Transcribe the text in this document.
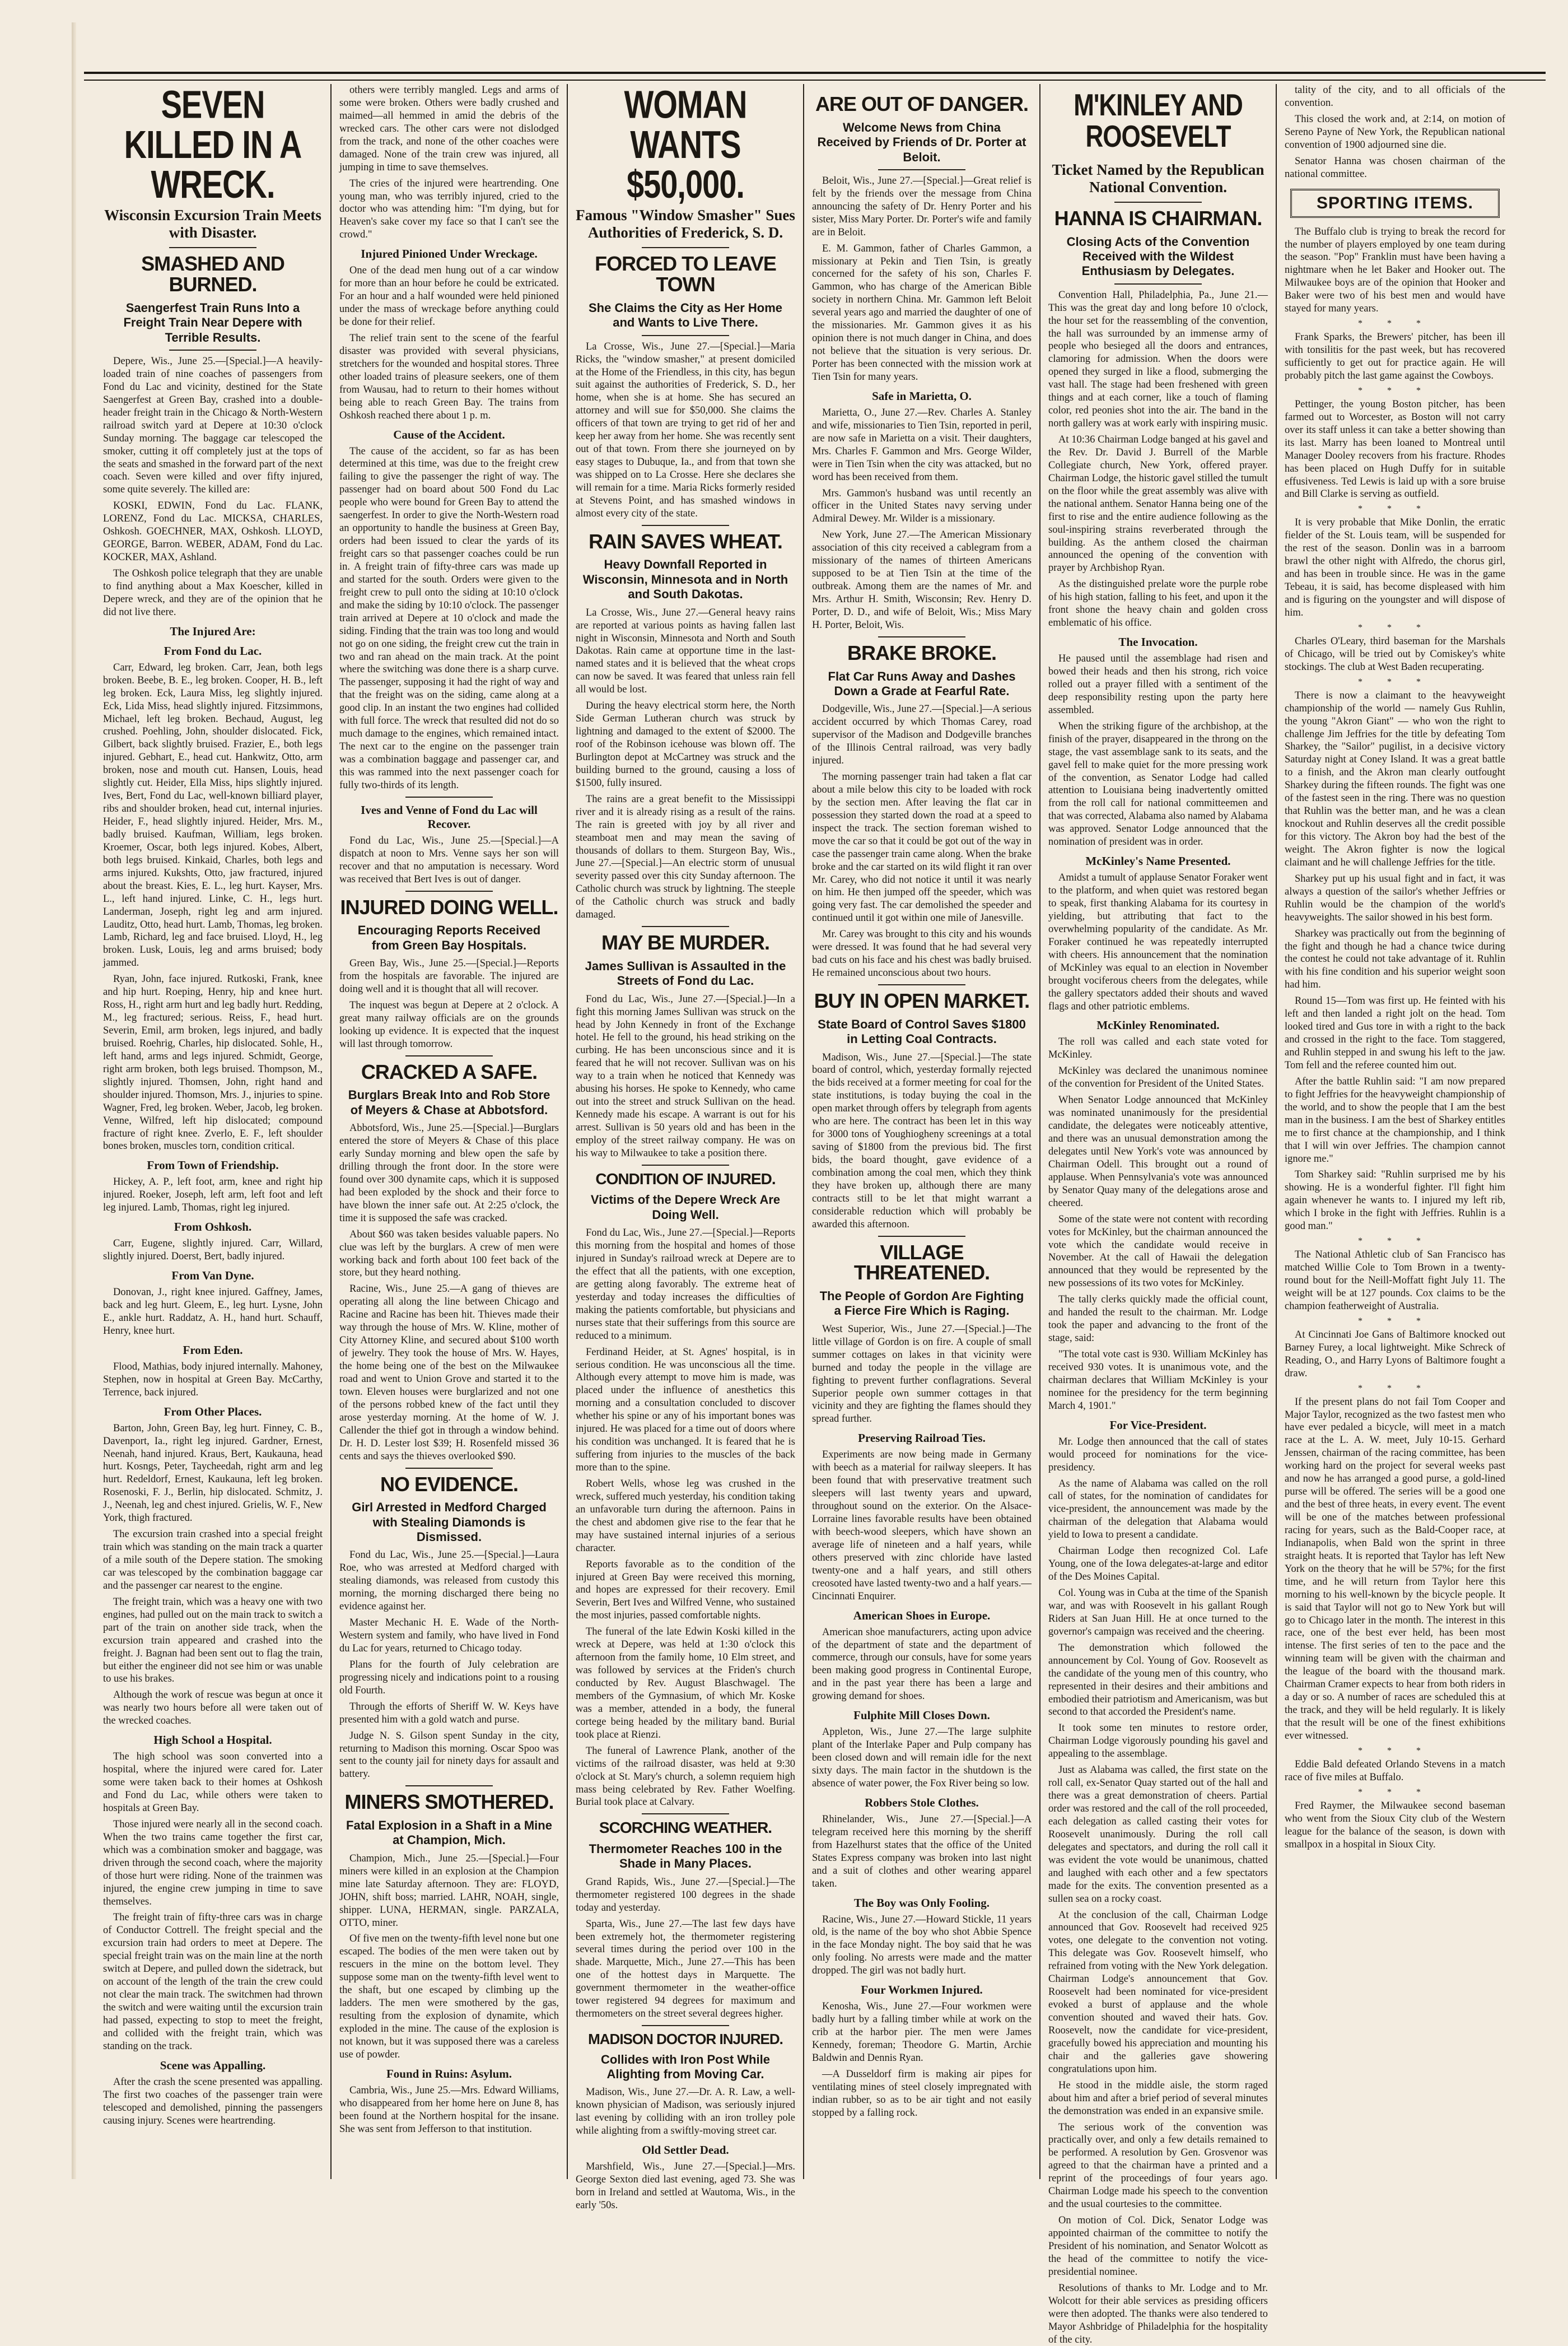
SEVEN KILLED IN A WRECK.
Wisconsin Excursion Train Meets with Disaster.
SMASHED AND BURNED.
Saengerfest Train Runs Into a Freight Train Near Depere with Terrible Results.

Depere, Wis., June 25.—[Special.]—A heavily-loaded train of nine coaches of passengers from Fond du Lac and vicinity, destined for the State Saengerfest at Green Bay, crashed into a double-header freight train in the Chicago & North-Western railroad switch yard at Depere at 10:30 o'clock Sunday morning. The baggage car telescoped the smoker, cutting it off completely just at the tops of the seats and smashed in the forward part of the next coach. Seven were killed and over fifty injured, some quite severely. The killed are:

KOSKI, EDWIN, Fond du Lac. FLANK, LORENZ, Fond du Lac. MICKSA, CHARLES, Oshkosh. GOECHNER, MAX, Oshkosh. LLOYD, GEORGE, Barron. WEBER, ADAM, Fond du Lac. KOCKER, MAX, Ashland.

The Oshkosh police telegraph that they are unable to find anything about a Max Koescher, killed in Depere wreck, and they are of the opinion that he did not live there.

The Injured Are:
From Fond du Lac.

Carr, Edward, leg broken. Carr, Jean, both legs broken. Beebe, B. E., leg broken. Cooper, H. B., left leg broken. Eck, Laura Miss, leg slightly injured. Eck, Lida Miss, head slightly injured. Fitzsimmons, Michael, left leg broken. Bechaud, August, leg crushed. Poehling, John, shoulder dislocated. Fick, Gilbert, back slightly bruised. Frazier, E., both legs injured. Gebhart, E., head cut. Hankwitz, Otto, arm broken, nose and mouth cut. Hansen, Louis, head slightly cut. Heider, Ella Miss, hips slightly injured. Ives, Bert, Fond du Lac, well-known billiard player, ribs and shoulder broken, head cut, internal injuries. Heider, F., head slightly injured. Heider, Mrs. M., badly bruised. Kaufman, William, legs broken. Kroemer, Oscar, both legs injured. Kobes, Albert, both legs bruised. Kinkaid, Charles, both legs and arms injured. Kukshts, Otto, jaw fractured, injured about the breast. Kies, E. L., leg hurt. Kayser, Mrs. L., left hand injured. Linke, C. H., legs hurt. Landerman, Joseph, right leg and arm injured. Lauditz, Otto, head hurt. Lamb, Thomas, leg broken. Lamb, Richard, leg and face bruised. Lloyd, H., leg broken. Lusk, Louis, leg and arms bruised; body jammed.

Ryan, John, face injured. Rutkoski, Frank, knee and hip hurt. Roeping, Henry, hip and knee hurt. Ross, H., right arm hurt and leg badly hurt. Redding, M., leg fractured; serious. Reiss, F., head hurt. Severin, Emil, arm broken, legs injured, and badly bruised. Roehrig, Charles, hip dislocated. Sohle, H., left hand, arms and legs injured. Schmidt, George, right arm broken, both legs bruised. Thompson, M., slightly injured. Thomsen, John, right hand and shoulder injured. Thomson, Mrs. J., injuries to spine. Wagner, Fred, leg broken. Weber, Jacob, leg broken. Venne, Wilfred, left hip dislocated; compound fracture of right knee. Zverlo, E. F., left shoulder bones broken, muscles torn, condition critical.

From Town of Friendship.

Hickey, A. P., left foot, arm, knee and right hip injured. Roeker, Joseph, left arm, left foot and left leg injured. Lamb, Thomas, right leg injured.

From Oshkosh.

Carr, Eugene, slightly injured. Carr, Willard, slightly injured. Doerst, Bert, badly injured.

From Van Dyne.

Donovan, J., right knee injured. Gaffney, James, back and leg hurt. Gleem, E., leg hurt. Lysne, John E., ankle hurt. Raddatz, A. H., hand hurt. Schauff, Henry, knee hurt.

From Eden.

Flood, Mathias, body injured internally. Mahoney, Stephen, now in hospital at Green Bay. McCarthy, Terrence, back injured.

From Other Places.

Barton, John, Green Bay, leg hurt. Finney, C. B., Davenport, Ia., right leg injured. Gardner, Ernest, Neenah, hand injured. Kraus, Bert, Kaukauna, head hurt. Kosngs, Peter, Taycheedah, right arm and leg hurt. Redeldorf, Ernest, Kaukauna, left leg broken. Rosenoski, F. J., Berlin, hip dislocated. Schmitz, J. J., Neenah, leg and chest injured. Grielis, W. F., New York, thigh fractured.

The excursion train crashed into a special freight train which was standing on the main track a quarter of a mile south of the Depere station. The smoking car was telescoped by the combination baggage car and the passenger car nearest to the engine.

The freight train, which was a heavy one with two engines, had pulled out on the main track to switch a part of the train on another side track, when the excursion train appeared and crashed into the freight. J. Bagnan had been sent out to flag the train, but either the engineer did not see him or was unable to use his brakes.

Although the work of rescue was begun at once it was nearly two hours before all were taken out of the wrecked coaches.

High School a Hospital.

The high school was soon converted into a hospital, where the injured were cared for. Later some were taken back to their homes at Oshkosh and Fond du Lac, while others were taken to hospitals at Green Bay.

Those injured were nearly all in the second coach. When the two trains came together the first car, which was a combination smoker and baggage, was driven through the second coach, where the majority of those hurt were riding. None of the trainmen was injured, the engine crew jumping in time to save themselves.

The freight train of fifty-three cars was in charge of Conductor Cottrell. The freight special and the excursion train had orders to meet at Depere. The special freight train was on the main line at the north switch at Depere, and pulled down the sidetrack, but on account of the length of the train the crew could not clear the main track. The switchmen had thrown the switch and were waiting until the excursion train had passed, expecting to stop to meet the freight, and collided with the freight train, which was standing on the track.

Scene was Appalling.

After the crash the scene presented was appalling. The first two coaches of the passenger train were telescoped and demolished, pinning the passengers causing injury. Scenes were heartrending.

others were terribly mangled. Legs and arms of some were broken. Others were badly crushed and maimed—all hemmed in amid the debris of the wrecked cars. The other cars were not dislodged from the track, and none of the other coaches were damaged. None of the train crew was injured, all jumping in time to save themselves.

The cries of the injured were heartrending. One young man, who was terribly injured, cried to the doctor who was attending him: "I'm dying, but for Heaven's sake cover my face so that I can't see the crowd."

Injured Pinioned Under Wreckage.

One of the dead men hung out of a car window for more than an hour before he could be extricated. For an hour and a half wounded were held pinioned under the mass of wreckage before anything could be done for their relief.

The relief train sent to the scene of the fearful disaster was provided with several physicians, stretchers for the wounded and hospital stores. Three other loaded trains of pleasure seekers, one of them from Wausau, had to return to their homes without being able to reach Green Bay. The trains from Oshkosh reached there about 1 p. m.

Cause of the Accident.

The cause of the accident, so far as has been determined at this time, was due to the freight crew failing to give the passenger the right of way. The passenger had on board about 500 Fond du Lac people who were bound for Green Bay to attend the saengerfest. In order to give the North-Western road an opportunity to handle the business at Green Bay, orders had been issued to clear the yards of its freight cars so that passenger coaches could be run in. A freight train of fifty-three cars was made up and started for the south. Orders were given to the freight crew to pull onto the siding at 10:10 o'clock and make the siding by 10:10 o'clock. The passenger train arrived at Depere at 10 o'clock and made the siding. Finding that the train was too long and would not go on one siding, the freight crew cut the train in two and ran ahead on the main track. At the point where the switching was done there is a sharp curve. The passenger, supposing it had the right of way and that the freight was on the siding, came along at a good clip. In an instant the two engines had collided with full force. The wreck that resulted did not do so much damage to the engines, which remained intact. The next car to the engine on the passenger train was a combination baggage and passenger car, and this was rammed into the next passenger coach for fully two-thirds of its length.

Ives and Venne of Fond du Lac will Recover.

Fond du Lac, Wis., June 25.—[Special.]—A dispatch at noon to Mrs. Venne says her son will recover and that no amputation is necessary. Word was received that Bert Ives is out of danger.

INJURED DOING WELL.
Encouraging Reports Received from Green Bay Hospitals.

Green Bay, Wis., June 25.—[Special.]—Reports from the hospitals are favorable. The injured are doing well and it is thought that all will recover.

The inquest was begun at Depere at 2 o'clock. A great many railway officials are on the grounds looking up evidence. It is expected that the inquest will last through tomorrow.

CRACKED A SAFE.
Burglars Break Into and Rob Store of Meyers & Chase at Abbotsford.

Abbotsford, Wis., June 25.—[Special.]—Burglars entered the store of Meyers & Chase of this place early Sunday morning and blew open the safe by drilling through the front door. In the store were found over 300 dynamite caps, which it is supposed had been exploded by the shock and their force to have blown the inner safe out. At 2:25 o'clock, the time it is supposed the safe was cracked.

About $60 was taken besides valuable papers. No clue was left by the burglars. A crew of men were working back and forth about 100 feet back of the store, but they heard nothing.

Racine, Wis., June 25.—A gang of thieves are operating all along the line between Chicago and Racine and Racine has been hit. Thieves made their way through the house of Mrs. W. Kline, mother of City Attorney Kline, and secured about $100 worth of jewelry. They took the house of Mrs. W. Hayes, the home being one of the best on the Milwaukee road and went to Union Grove and started it to the town. Eleven houses were burglarized and not one of the persons robbed knew of the fact until they arose yesterday morning. At the home of W. J. Callender the thief got in through a window behind. Dr. H. D. Lester lost $39; H. Rosenfeld missed 36 cents and says the thieves overlooked $90.

NO EVIDENCE.
Girl Arrested in Medford Charged with Stealing Diamonds is Dismissed.

Fond du Lac, Wis., June 25.—[Special.]—Laura Roe, who was arrested at Medford charged with stealing diamonds, was released from custody this morning, the morning discharged there being no evidence against her.

Master Mechanic H. E. Wade of the North-Western system and family, who have lived in Fond du Lac for years, returned to Chicago today.

Plans for the fourth of July celebration are progressing nicely and indications point to a rousing old Fourth.

Through the efforts of Sheriff W. W. Keys have presented him with a gold watch and purse.

Judge N. S. Gilson spent Sunday in the city, returning to Madison this morning. Oscar Spoo was sent to the county jail for ninety days for assault and battery.

MINERS SMOTHERED.
Fatal Explosion in a Shaft in a Mine at Champion, Mich.

Champion, Mich., June 25.—[Special.]—Four miners were killed in an explosion at the Champion mine late Saturday afternoon. They are: FLOYD, JOHN, shift boss; married. LAHR, NOAH, single, shipper. LUNA, HERMAN, single. PARZALA, OTTO, miner.

Of five men on the twenty-fifth level none but one escaped. The bodies of the men were taken out by rescuers in the mine on the bottom level. They suppose some man on the twenty-fifth level went to the shaft, but one escaped by climbing up the ladders. The men were smothered by the gas, resulting from the explosion of dynamite, which exploded in the mine. The cause of the explosion is not known, but it was supposed there was a careless use of powder.

Found in Ruins: Asylum.

Cambria, Wis., June 25.—Mrs. Edward Williams, who disappeared from her home here on June 8, has been found at the Northern hospital for the insane. She was sent from Jefferson to that institution.

WOMAN WANTS $50,000.
Famous "Window Smasher" Sues Authorities of Frederick, S. D.
FORCED TO LEAVE TOWN
She Claims the City as Her Home and Wants to Live There.

La Crosse, Wis., June 27.—[Special.]—Maria Ricks, the "window smasher," at present domiciled at the Home of the Friendless, in this city, has begun suit against the authorities of Frederick, S. D., her home, when she is at home. She has secured an attorney and will sue for $50,000. She claims the officers of that town are trying to get rid of her and keep her away from her home. She was recently sent out of that town. From there she journeyed on by easy stages to Dubuque, Ia., and from that town she was shipped on to La Crosse. Here she declares she will remain for a time. Maria Ricks formerly resided at Stevens Point, and has smashed windows in almost every city of the state.

RAIN SAVES WHEAT.
Heavy Downfall Reported in Wisconsin, Minnesota and in North and South Dakotas.

La Crosse, Wis., June 27.—General heavy rains are reported at various points as having fallen last night in Wisconsin, Minnesota and North and South Dakotas. Rain came at opportune time in the last-named states and it is believed that the wheat crops can now be saved. It was feared that unless rain fell all would be lost.

During the heavy electrical storm here, the North Side German Lutheran church was struck by lightning and damaged to the extent of $2000. The roof of the Robinson icehouse was blown off. The Burlington depot at McCartney was struck and the building burned to the ground, causing a loss of $1500, fully insured.

The rains are a great benefit to the Mississippi river and it is already rising as a result of the rains. The rain is greeted with joy by all river and steamboat men and may mean the saving of thousands of dollars to them. Sturgeon Bay, Wis., June 27.—[Special.]—An electric storm of unusual severity passed over this city Sunday afternoon. The Catholic church was struck by lightning. The steeple of the Catholic church was struck and badly damaged.

MAY BE MURDER.
James Sullivan is Assaulted in the Streets of Fond du Lac.

Fond du Lac, Wis., June 27.—[Special.]—In a fight this morning James Sullivan was struck on the head by John Kennedy in front of the Exchange hotel. He fell to the ground, his head striking on the curbing. He has been unconscious since and it is feared that he will not recover. Sullivan was on his way to a train when he noticed that Kennedy was abusing his horses. He spoke to Kennedy, who came out into the street and struck Sullivan on the head. Kennedy made his escape. A warrant is out for his arrest. Sullivan is 50 years old and has been in the employ of the street railway company. He was on his way to Milwaukee to take a position there.

CONDITION OF INJURED.
Victims of the Depere Wreck Are Doing Well.

Fond du Lac, Wis., June 27.—[Special.]—Reports this morning from the hospital and homes of those injured in Sunday's railroad wreck at Depere are to the effect that all the patients, with one exception, are getting along favorably. The extreme heat of yesterday and today increases the difficulties of making the patients comfortable, but physicians and nurses state that their sufferings from this source are reduced to a minimum.

Ferdinand Heider, at St. Agnes' hospital, is in serious condition. He was unconscious all the time. Although every attempt to move him is made, was placed under the influence of anesthetics this morning and a consultation concluded to discover whether his spine or any of his important bones was injured. He was placed for a time out of doors where his condition was unchanged. It is feared that he is suffering from injuries to the muscles of the back more than to the spine.

Robert Wells, whose leg was crushed in the wreck, suffered much yesterday, his condition taking an unfavorable turn during the afternoon. Pains in the chest and abdomen give rise to the fear that he may have sustained internal injuries of a serious character.

Reports favorable as to the condition of the injured at Green Bay were received this morning, and hopes are expressed for their recovery. Emil Severin, Bert Ives and Wilfred Venne, who sustained the most injuries, passed comfortable nights.

The funeral of the late Edwin Koski killed in the wreck at Depere, was held at 1:30 o'clock this afternoon from the family home, 10 Elm street, and was followed by services at the Friden's church conducted by Rev. August Blaschwagel. The members of the Gymnasium, of which Mr. Koske was a member, attended in a body, the funeral cortege being headed by the military band. Burial took place at Rienzi.

The funeral of Lawrence Plank, another of the victims of the railroad disaster, was held at 9:30 o'clock at St. Mary's church, a solemn requiem high mass being celebrated by Rev. Father Woelfing. Burial took place at Calvary.

SCORCHING WEATHER.
Thermometer Reaches 100 in the Shade in Many Places.

Grand Rapids, Wis., June 27.—[Special.]—The thermometer registered 100 degrees in the shade today and yesterday.

Sparta, Wis., June 27.—The last few days have been extremely hot, the thermometer registering several times during the period over 100 in the shade. Marquette, Mich., June 27.—This has been one of the hottest days in Marquette. The government thermometer in the weather-office tower registered 94 degrees for maximum and thermometers on the street several degrees higher.

MADISON DOCTOR INJURED.
Collides with Iron Post While Alighting from Moving Car.

Madison, Wis., June 27.—Dr. A. R. Law, a well-known physician of Madison, was seriously injured last evening by colliding with an iron trolley pole while alighting from a swiftly-moving street car.

Old Settler Dead.

Marshfield, Wis., June 27.—[Special.]—Mrs. George Sexton died last evening, aged 73. She was born in Ireland and settled at Wautoma, Wis., in the early '50s.

ARE OUT OF DANGER.
Welcome News from China Received by Friends of Dr. Porter at Beloit.

Beloit, Wis., June 27.—[Special.]—Great relief is felt by the friends over the message from China announcing the safety of Dr. Henry Porter and his sister, Miss Mary Porter. Dr. Porter's wife and family are in Beloit.

E. M. Gammon, father of Charles Gammon, a missionary at Pekin and Tien Tsin, is greatly concerned for the safety of his son, Charles F. Gammon, who has charge of the American Bible society in northern China. Mr. Gammon left Beloit several years ago and married the daughter of one of the missionaries. Mr. Gammon gives it as his opinion there is not much danger in China, and does not believe that the situation is very serious. Dr. Porter has been connected with the mission work at Tien Tsin for many years.

Safe in Marietta, O.

Marietta, O., June 27.—Rev. Charles A. Stanley and wife, missionaries to Tien Tsin, reported in peril, are now safe in Marietta on a visit. Their daughters, Mrs. Charles F. Gammon and Mrs. George Wilder, were in Tien Tsin when the city was attacked, but no word has been received from them.

Mrs. Gammon's husband was until recently an officer in the United States navy serving under Admiral Dewey. Mr. Wilder is a missionary.

New York, June 27.—The American Missionary association of this city received a cablegram from a missionary of the names of thirteen Americans supposed to be at Tien Tsin at the time of the outbreak. Among them are the names of Mr. and Mrs. Arthur H. Smith, Wisconsin; Rev. Henry D. Porter, D. D., and wife of Beloit, Wis.; Miss Mary H. Porter, Beloit, Wis.

BRAKE BROKE.
Flat Car Runs Away and Dashes Down a Grade at Fearful Rate.

Dodgeville, Wis., June 27.—[Special.]—A serious accident occurred by which Thomas Carey, road supervisor of the Madison and Dodgeville branches of the Illinois Central railroad, was very badly injured.

The morning passenger train had taken a flat car about a mile below this city to be loaded with rock by the section men. After leaving the flat car in possession they started down the road at a speed to inspect the track. The section foreman wished to move the car so that it could be got out of the way in case the passenger train came along. When the brake broke and the car started on its wild flight it ran over Mr. Carey, who did not notice it until it was nearly on him. He then jumped off the speeder, which was going very fast. The car demolished the speeder and continued until it got within one mile of Janesville.

Mr. Carey was brought to this city and his wounds were dressed. It was found that he had several very bad cuts on his face and his chest was badly bruised. He remained unconscious about two hours.

BUY IN OPEN MARKET.
State Board of Control Saves $1800 in Letting Coal Contracts.

Madison, Wis., June 27.—[Special.]—The state board of control, which, yesterday formally rejected the bids received at a former meeting for coal for the state institutions, is today buying the coal in the open market through offers by telegraph from agents who are here. The contract has been let in this way for 3000 tons of Youghiogheny screenings at a total saving of $1800 from the previous bid. The first bids, the board thought, gave evidence of a combination among the coal men, which they think they have broken up, although there are many contracts still to be let that might warrant a considerable reduction which will probably be awarded this afternoon.

VILLAGE THREATENED.
The People of Gordon Are Fighting a Fierce Fire Which is Raging.

West Superior, Wis., June 27.—[Special.]—The little village of Gordon is on fire. A couple of small summer cottages on lakes in that vicinity were burned and today the people in the village are fighting to prevent further conflagrations. Several Superior people own summer cottages in that vicinity and they are fighting the flames should they spread further.

Preserving Railroad Ties.

Experiments are now being made in Germany with beech as a material for railway sleepers. It has been found that with preservative treatment such sleepers will last twenty years and upward, throughout sound on the exterior. On the Alsace-Lorraine lines favorable results have been obtained with beech-wood sleepers, which have shown an average life of nineteen and a half years, while others preserved with zinc chloride have lasted twenty-one and a half years, and still others creosoted have lasted twenty-two and a half years.—Cincinnati Enquirer.

American Shoes in Europe.

American shoe manufacturers, acting upon advice of the department of state and the department of commerce, through our consuls, have for some years been making good progress in Continental Europe, and in the past year there has been a large and growing demand for shoes.

Fulphite Mill Closes Down.

Appleton, Wis., June 27.—The large sulphite plant of the Interlake Paper and Pulp company has been closed down and will remain idle for the next sixty days. The main factor in the shutdown is the absence of water power, the Fox River being so low.

Robbers Stole Clothes.

Rhinelander, Wis., June 27.—[Special.]—A telegram received here this morning by the sheriff from Hazelhurst states that the office of the United States Express company was broken into last night and a suit of clothes and other wearing apparel taken.

The Boy was Only Fooling.

Racine, Wis., June 27.—Howard Stickle, 11 years old, is the name of the boy who shot Abbie Spence in the face Monday night. The boy said that he was only fooling. No arrests were made and the matter dropped. The girl was not badly hurt.

Four Workmen Injured.

Kenosha, Wis., June 27.—Four workmen were badly hurt by a falling timber while at work on the crib at the harbor pier. The men were James Kennedy, foreman; Theodore G. Martin, Archie Baldwin and Dennis Ryan.

—A Dusseldorf firm is making air pipes for ventilating mines of steel closely impregnated with indian rubber, so as to be air tight and not easily stopped by a falling rock.

M'KINLEY AND ROOSEVELT
Ticket Named by the Republican National Convention.
HANNA IS CHAIRMAN.
Closing Acts of the Convention Received with the Wildest Enthusiasm by Delegates.

Convention Hall, Philadelphia, Pa., June 21.—This was the great day and long before 10 o'clock, the hour set for the reassembling of the convention, the hall was surrounded by an immense army of people who besieged all the doors and entrances, clamoring for admission. When the doors were opened they surged in like a flood, submerging the vast hall. The stage had been freshened with green things and at each corner, like a touch of flaming color, red peonies shot into the air. The band in the north gallery was at work early with inspiring music.

At 10:36 Chairman Lodge banged at his gavel and the Rev. Dr. David J. Burrell of the Marble Collegiate church, New York, offered prayer. Chairman Lodge, the historic gavel stilled the tumult on the floor while the great assembly was alive with the national anthem. Senator Hanna being one of the first to rise and the entire audience following as the soul-inspiring strains reverberated through the building. As the anthem closed the chairman announced the opening of the convention with prayer by Archbishop Ryan.

As the distinguished prelate wore the purple robe of his high station, falling to his feet, and upon it the front shone the heavy chain and golden cross emblematic of his office.

The Invocation.

He paused until the assemblage had risen and bowed their heads and then his strong, rich voice rolled out a prayer filled with a sentiment of the deep responsibility resting upon the party here assembled.

When the striking figure of the archbishop, at the finish of the prayer, disappeared in the throng on the stage, the vast assemblage sank to its seats, and the gavel fell to make quiet for the more pressing work of the convention, as Senator Lodge had called attention to Louisiana being inadvertently omitted from the roll call for national committeemen and that was corrected, Alabama also named by Alabama was approved. Senator Lodge announced that the nomination of president was in order.

McKinley's Name Presented.

Amidst a tumult of applause Senator Foraker went to the platform, and when quiet was restored began to speak, first thanking Alabama for its courtesy in yielding, but attributing that fact to the overwhelming popularity of the candidate. As Mr. Foraker continued he was repeatedly interrupted with cheers. His announcement that the nomination of McKinley was equal to an election in November brought vociferous cheers from the delegates, while the gallery spectators added their shouts and waved flags and other patriotic emblems.

McKinley Renominated.

The roll was called and each state voted for McKinley.

McKinley was declared the unanimous nominee of the convention for President of the United States.

When Senator Lodge announced that McKinley was nominated unanimously for the presidential candidate, the delegates were noticeably attentive, and there was an unusual demonstration among the delegates until New York's vote was announced by Chairman Odell. This brought out a round of applause. When Pennsylvania's vote was announced by Senator Quay many of the delegations arose and cheered.

Some of the state were not content with recording votes for McKinley, but the chairman announced the vote which the candidate would receive in November. At the call of Hawaii the delegation announced that they would be represented by the new possessions of its two votes for McKinley.

The tally clerks quickly made the official count, and handed the result to the chairman. Mr. Lodge took the paper and advancing to the front of the stage, said:

"The total vote cast is 930. William McKinley has received 930 votes. It is unanimous vote, and the chairman declares that William McKinley is your nominee for the presidency for the term beginning March 4, 1901."

For Vice-President.

Mr. Lodge then announced that the call of states would proceed for nominations for the vice-presidency.

As the name of Alabama was called on the roll call of states, for the nomination of candidates for vice-president, the announcement was made by the chairman of the delegation that Alabama would yield to Iowa to present a candidate.

Chairman Lodge then recognized Col. Lafe Young, one of the Iowa delegates-at-large and editor of the Des Moines Capital.

Col. Young was in Cuba at the time of the Spanish war, and was with Roosevelt in his gallant Rough Riders at San Juan Hill. He at once turned to the governor's campaign was received and the cheering.

The demonstration which followed the announcement by Col. Young of Gov. Roosevelt as the candidate of the young men of this country, who represented in their desires and their ambitions and embodied their patriotism and Americanism, was but second to that accorded the President's name.

It took some ten minutes to restore order, Chairman Lodge vigorously pounding his gavel and appealing to the assemblage.

Just as Alabama was called, the first state on the roll call, ex-Senator Quay started out of the hall and there was a great demonstration of cheers. Partial order was restored and the call of the roll proceeded, each delegation as called casting their votes for Roosevelt unanimously. During the roll call delegates and spectators, and during the roll call it was evident the vote would be unanimous, chatted and laughed with each other and a few spectators made for the exits. The convention presented as a sullen sea on a rocky coast.

At the conclusion of the call, Chairman Lodge announced that Gov. Roosevelt had received 925 votes, one delegate to the convention not voting. This delegate was Gov. Roosevelt himself, who refrained from voting with the New York delegation. Chairman Lodge's announcement that Gov. Roosevelt had been nominated for vice-president evoked a burst of applause and the whole convention shouted and waved their hats. Gov. Roosevelt, now the candidate for vice-president, gracefully bowed his appreciation and mounting his chair and the galleries gave showering congratulations upon him.

He stood in the middle aisle, the storm raged about him and after a brief period of several minutes the demonstration was ended in an expansive smile.

The serious work of the convention was practically over, and only a few details remained to be performed. A resolution by Gen. Grosvenor was agreed to that the chairman have a printed and a reprint of the proceedings of four years ago. Chairman Lodge made his speech to the convention and the usual courtesies to the committee.

On motion of Col. Dick, Senator Lodge was appointed chairman of the committee to notify the President of his nomination, and Senator Wolcott as the head of the committee to notify the vice-presidential nominee.

Resolutions of thanks to Mr. Lodge and to Mr. Wolcott for their able services as presiding officers were then adopted. The thanks were also tendered to Mayor Ashbridge of Philadelphia for the hospitality of the city.

tality of the city, and to all officials of the convention.

This closed the work and, at 2:14, on motion of Sereno Payne of New York, the Republican national convention of 1900 adjourned sine die.

Senator Hanna was chosen chairman of the national committee.

SPORTING ITEMS.

The Buffalo club is trying to break the record for the number of players employed by one team during the season. "Pop" Franklin must have been having a nightmare when he let Baker and Hooker out. The Milwaukee boys are of the opinion that Hooker and Baker were two of his best men and would have stayed for many years.

* * *

Frank Sparks, the Brewers' pitcher, has been ill with tonsilitis for the past week, but has recovered sufficiently to get out for practice again. He will probably pitch the last game against the Cowboys.

* * *

Pettinger, the young Boston pitcher, has been farmed out to Worcester, as Boston will not carry over its staff unless it can take a better showing than its last. Marry has been loaned to Montreal until Manager Dooley recovers from his fracture. Rhodes has been placed on Hugh Duffy for in suitable effusiveness. Ted Lewis is laid up with a sore bruise and Bill Clarke is serving as outfield.

* * *

It is very probable that Mike Donlin, the erratic fielder of the St. Louis team, will be suspended for the rest of the season. Donlin was in a barroom brawl the other night with Alfredo, the chorus girl, and has been in trouble since. He was in the game Tebeau, it is said, has become displeased with him and is figuring on the youngster and will dispose of him.

* * *

Charles O'Leary, third baseman for the Marshals of Chicago, will be tried out by Comiskey's white stockings. The club at West Baden recuperating.

* * *

There is now a claimant to the heavyweight championship of the world — namely Gus Ruhlin, the young "Akron Giant" — who won the right to challenge Jim Jeffries for the title by defeating Tom Sharkey, the "Sailor" pugilist, in a decisive victory Saturday night at Coney Island. It was a great battle to a finish, and the Akron man clearly outfought Sharkey during the fifteen rounds. The fight was one of the fastest seen in the ring. There was no question that Ruhlin was the better man, and he was a clean knockout and Ruhlin deserves all the credit possible for this victory. The Akron boy had the best of the weight. The Akron fighter is now the logical claimant and he will challenge Jeffries for the title.

Sharkey put up his usual fight and in fact, it was always a question of the sailor's whether Jeffries or Ruhlin would be the champion of the world's heavyweights. The sailor showed in his best form.

Sharkey was practically out from the beginning of the fight and though he had a chance twice during the contest he could not take advantage of it. Ruhlin with his fine condition and his superior weight soon had him.

Round 15—Tom was first up. He feinted with his left and then landed a right jolt on the head. Tom looked tired and Gus tore in with a right to the back and crossed in the right to the face. Tom staggered, and Ruhlin stepped in and swung his left to the jaw. Tom fell and the referee counted him out.

After the battle Ruhlin said: "I am now prepared to fight Jeffries for the heavyweight championship of the world, and to show the people that I am the best man in the business. I am the best of Sharkey entitles me to first chance at the championship, and I think that I will win over Jeffries. The champion cannot ignore me."

Tom Sharkey said: "Ruhlin surprised me by his showing. He is a wonderful fighter. I'll fight him again whenever he wants to. I injured my left rib, which I broke in the fight with Jeffries. Ruhlin is a good man."

* * *

The National Athletic club of San Francisco has matched Willie Cole to Tom Brown in a twenty-round bout for the Neill-Moffatt fight July 11. The weight will be at 127 pounds. Cox claims to be the champion featherweight of Australia.

* * *

At Cincinnati Joe Gans of Baltimore knocked out Barney Furey, a local lightweight. Mike Schreck of Reading, O., and Harry Lyons of Baltimore fought a draw.

* * *

If the present plans do not fail Tom Cooper and Major Taylor, recognized as the two fastest men who have ever pedaled a bicycle, will meet in a match race at the L. A. W. meet, July 10-15. Gerhard Jenssen, chairman of the racing committee, has been working hard on the project for several weeks past and now he has arranged a good purse, a gold-lined purse will be offered. The series will be a good one and the best of three heats, in every event. The event will be one of the matches between professional racing for years, such as the Bald-Cooper race, at Indianapolis, when Bald won the sprint in three straight heats. It is reported that Taylor has left New York on the theory that he will be 57%; for the first time, and he will return from Taylor here this morning to his well-known by the bicycle people. It is said that Taylor will not go to New York but will go to Chicago later in the month. The interest in this race, one of the best ever held, has been most intense. The first series of ten to the pace and the winning team will be given with the chairman and the league of the board with the thousand mark. Chairman Cramer expects to hear from both riders in a day or so. A number of races are scheduled this at the track, and they will be held regularly. It is likely that the result will be one of the finest exhibitions ever witnessed.

* * *

Eddie Bald defeated Orlando Stevens in a match race of five miles at Buffalo.

* * *

Fred Raymer, the Milwaukee second baseman who went from the Sioux City club of the Western league for the balance of the season, is down with smallpox in a hospital in Sioux City.
